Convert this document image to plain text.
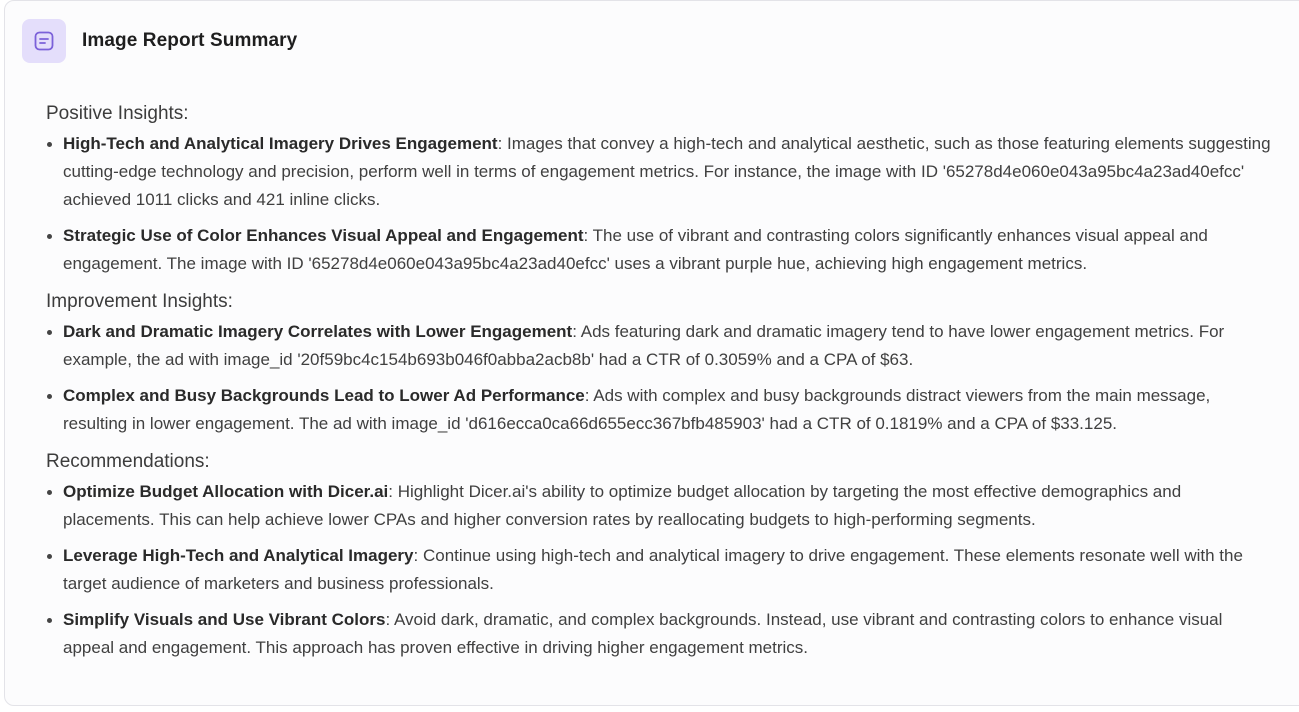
Image Report Summary
Positive Insights:
High-Tech and Analytical Imagery Drives Engagement: Images that convey a high-tech and analytical aesthetic, such as those featuring elements suggesting cutting-edge technology and precision, perform well in terms of engagement metrics. For instance, the image with ID '65278d4e060e043a95bc4a23ad40efcc' achieved 1011 clicks and 421 inline clicks.
Strategic Use of Color Enhances Visual Appeal and Engagement: The use of vibrant and contrasting colors significantly enhances visual appeal and engagement. The image with ID '65278d4e060e043a95bc4a23ad40efcc' uses a vibrant purple hue, achieving high engagement metrics.
Improvement Insights:
Dark and Dramatic Imagery Correlates with Lower Engagement: Ads featuring dark and dramatic imagery tend to have lower engagement metrics. For example, the ad with image_id '20f59bc4c154b693b046f0abba2acb8b' had a CTR of 0.3059% and a CPA of $63.
Complex and Busy Backgrounds Lead to Lower Ad Performance: Ads with complex and busy backgrounds distract viewers from the main message, resulting in lower engagement. The ad with image_id 'd616ecca0ca66d655ecc367bfb485903' had a CTR of 0.1819% and a CPA of $33.125.
Recommendations:
Optimize Budget Allocation with Dicer.ai: Highlight Dicer.ai's ability to optimize budget allocation by targeting the most effective demographics and placements. This can help achieve lower CPAs and higher conversion rates by reallocating budgets to high-performing segments.
Leverage High-Tech and Analytical Imagery: Continue using high-tech and analytical imagery to drive engagement. These elements resonate well with the target audience of marketers and business professionals.
Simplify Visuals and Use Vibrant Colors: Avoid dark, dramatic, and complex backgrounds. Instead, use vibrant and contrasting colors to enhance visual appeal and engagement. This approach has proven effective in driving higher engagement metrics.
